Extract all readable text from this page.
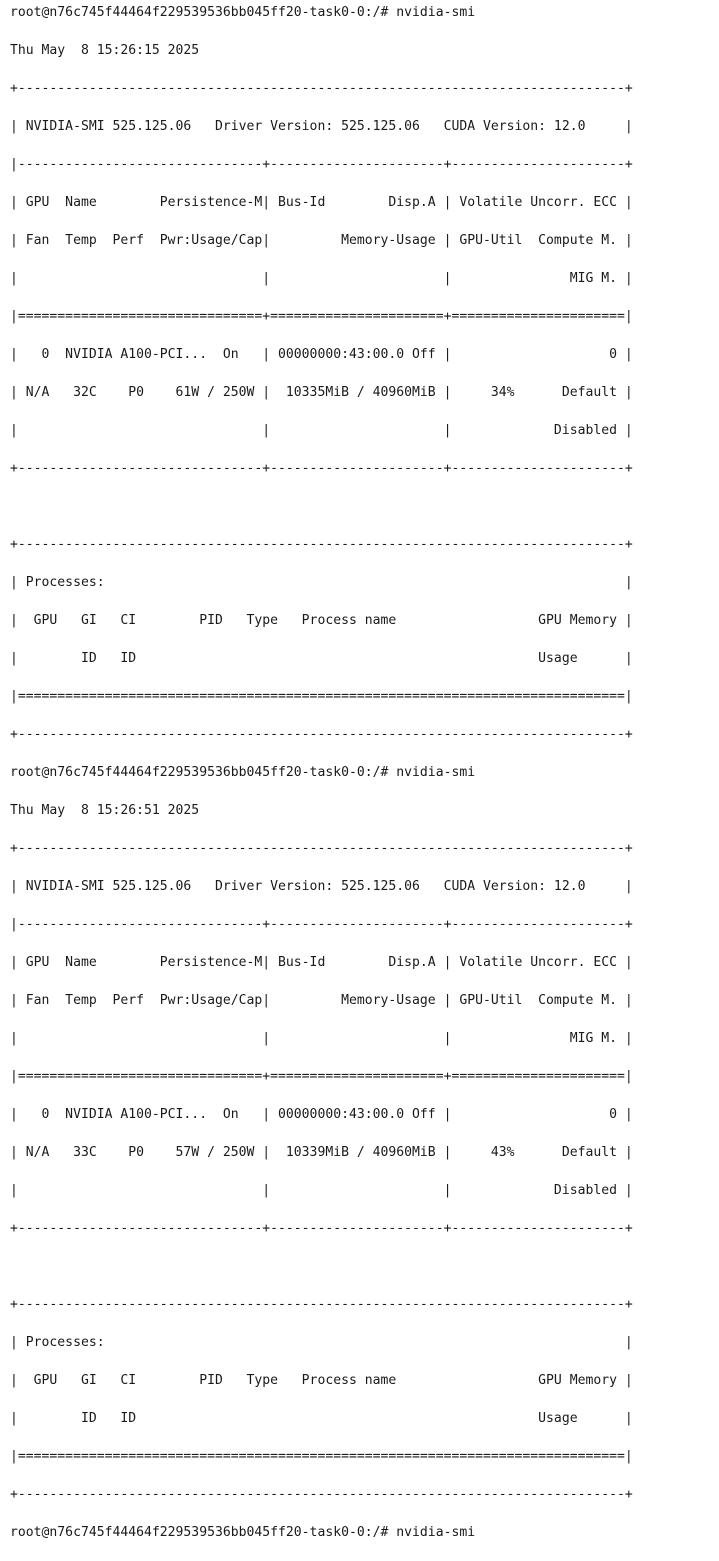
root@n76c745f44464f229539536bb045ff20-task0-0:/# nvidia-smi

Thu May  8 15:26:15 2025

+-----------------------------------------------------------------------------+

| NVIDIA-SMI 525.125.06   Driver Version: 525.125.06   CUDA Version: 12.0     |

|-------------------------------+----------------------+----------------------+

| GPU  Name        Persistence-M| Bus-Id        Disp.A | Volatile Uncorr. ECC |

| Fan  Temp  Perf  Pwr:Usage/Cap|         Memory-Usage | GPU-Util  Compute M. |

|                               |                      |               MIG M. |

|===============================+======================+======================|

|   0  NVIDIA A100-PCI...  On   | 00000000:43:00.0 Off |                    0 |

| N/A   32C    P0    61W / 250W |  10335MiB / 40960MiB |     34%      Default |

|                               |                      |             Disabled |

+-------------------------------+----------------------+----------------------+

+-----------------------------------------------------------------------------+

| Processes:                                                                  |

|  GPU   GI   CI        PID   Type   Process name                  GPU Memory |

|        ID   ID                                                   Usage      |

|=============================================================================|

+-----------------------------------------------------------------------------+

root@n76c745f44464f229539536bb045ff20-task0-0:/# nvidia-smi

Thu May  8 15:26:51 2025

+-----------------------------------------------------------------------------+

| NVIDIA-SMI 525.125.06   Driver Version: 525.125.06   CUDA Version: 12.0     |

|-------------------------------+----------------------+----------------------+

| GPU  Name        Persistence-M| Bus-Id        Disp.A | Volatile Uncorr. ECC |

| Fan  Temp  Perf  Pwr:Usage/Cap|         Memory-Usage | GPU-Util  Compute M. |

|                               |                      |               MIG M. |

|===============================+======================+======================|

|   0  NVIDIA A100-PCI...  On   | 00000000:43:00.0 Off |                    0 |

| N/A   33C    P0    57W / 250W |  10339MiB / 40960MiB |     43%      Default |

|                               |                      |             Disabled |

+-------------------------------+----------------------+----------------------+

+-----------------------------------------------------------------------------+

| Processes:                                                                  |

|  GPU   GI   CI        PID   Type   Process name                  GPU Memory |

|        ID   ID                                                   Usage      |

|=============================================================================|

+-----------------------------------------------------------------------------+

root@n76c745f44464f229539536bb045ff20-task0-0:/# nvidia-smi
